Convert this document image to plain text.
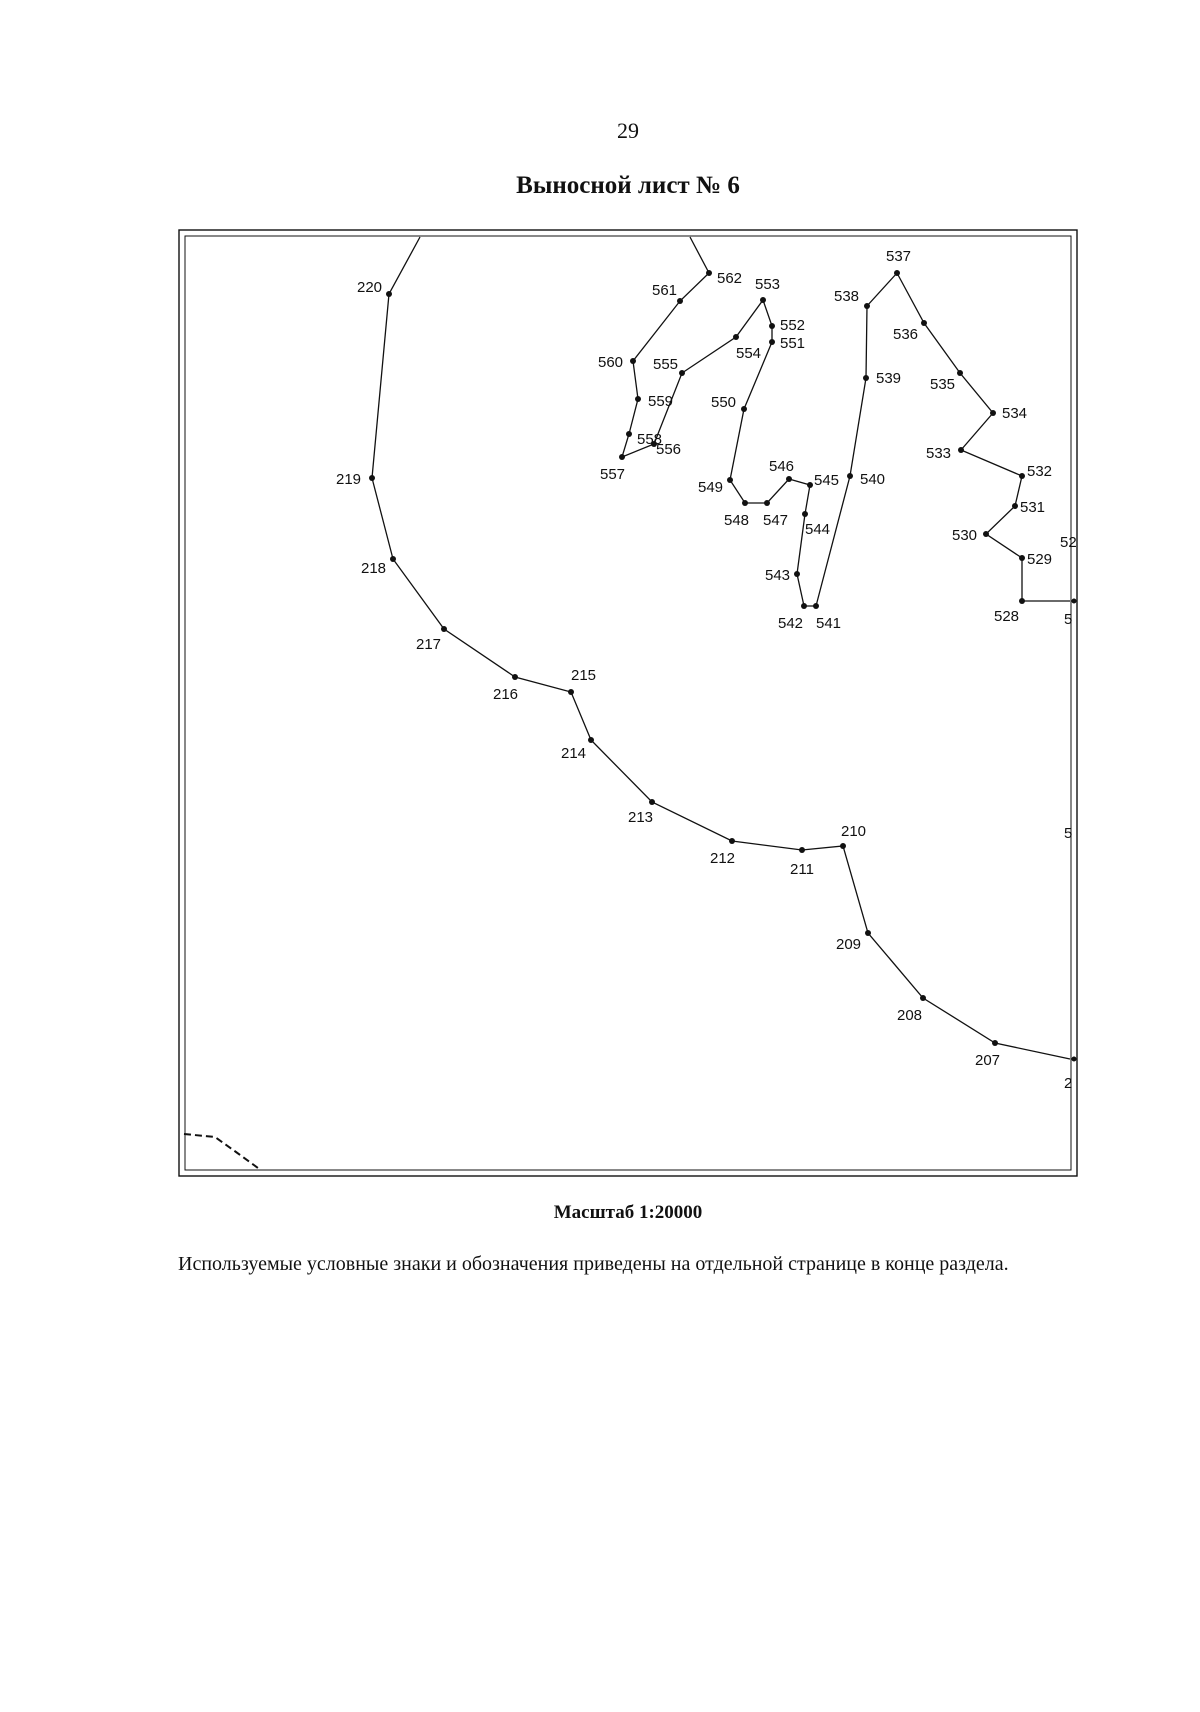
29
Выносной лист № 6
220
219
218
217
216
215
214
213
212
211
210
209
208
207
562
561
560
559
558
557
556
555
554
553
552
551
550
549
548 547
546
545
544
543
542 541
540
539
538
537
536
535
534
533
532
531
530
529
528
52
5
5
2
Масштаб 1:20000
Используемые условные знаки и обозначения приведены на отдельной странице в конце раздела.
